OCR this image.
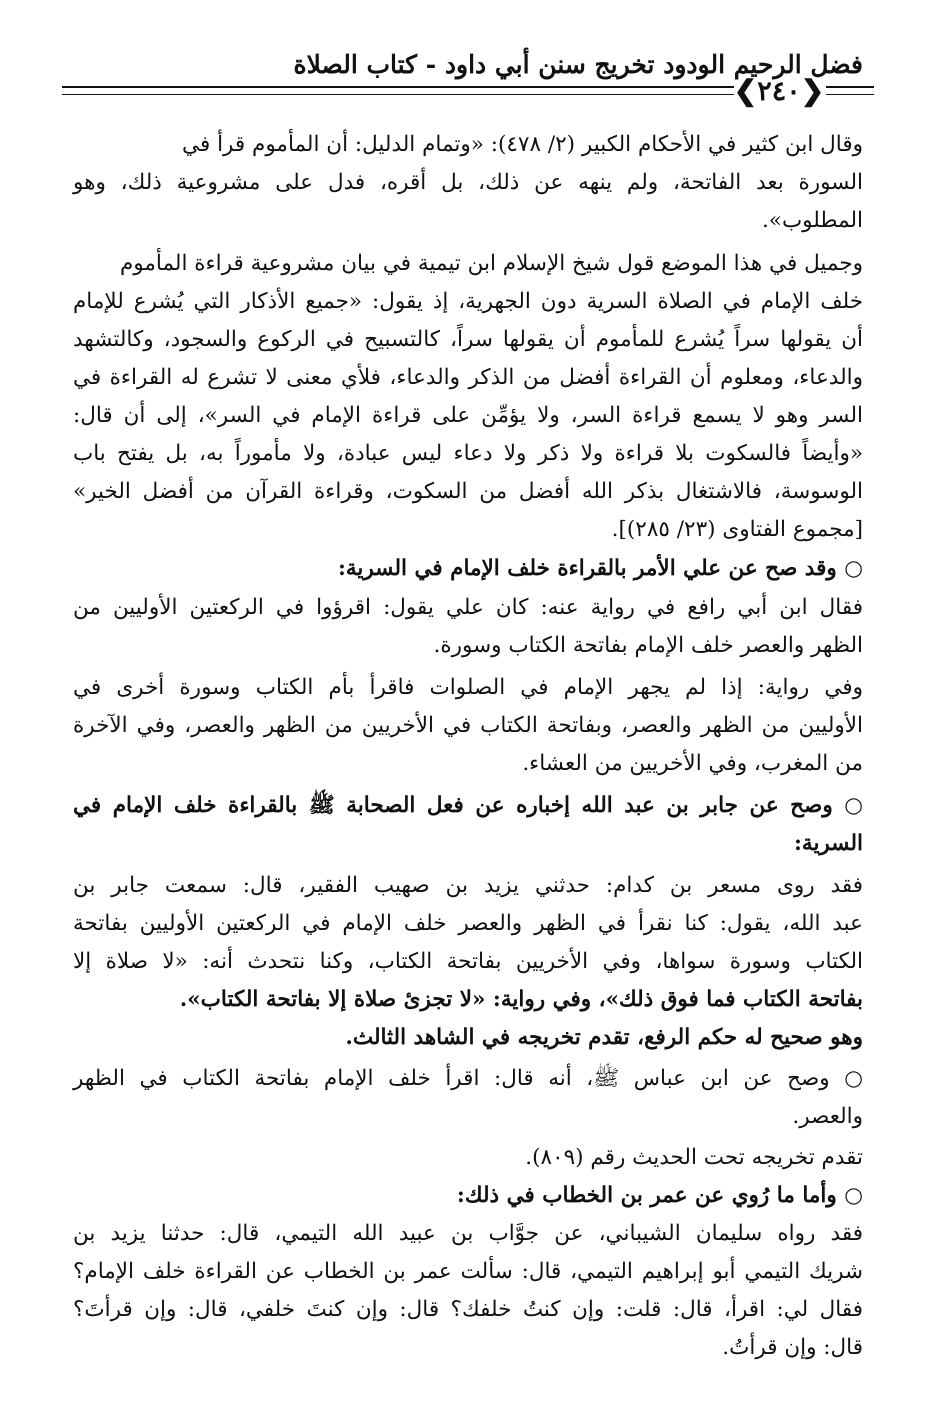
فضل الرحيم الودود تخريج سنن أبي داود - كتاب الصلاة
❮
٢٤٠
❯
وقال ابن كثير في الأحكام الكبير (٢/ ٤٧٨): «وتمام الدليل: أن المأموم قرأ في
السورة بعد الفاتحة، ولم ينهه عن ذلك، بل أقره، فدل على مشروعية ذلك، وهو
المطلوب».
وجميل في هذا الموضع قول شيخ الإسلام ابن تيمية في بيان مشروعية قراءة المأموم
خلف الإمام في الصلاة السرية دون الجهرية، إذ يقول: «جميع الأذكار التي يُشرع للإمام
أن يقولها سراً يُشرع للمأموم أن يقولها سراً، كالتسبيح في الركوع والسجود، وكالتشهد
والدعاء، ومعلوم أن القراءة أفضل من الذكر والدعاء، فلأي معنى لا تشرع له القراءة في
السر وهو لا يسمع قراءة السر، ولا يؤمِّن على قراءة الإمام في السر»، إلى أن قال:
«وأيضاً فالسكوت بلا قراءة ولا ذكر ولا دعاء ليس عبادة، ولا مأموراً به، بل يفتح باب
الوسوسة، فالاشتغال بذكر الله أفضل من السكوت، وقراءة القرآن من أفضل الخير»
[مجموع الفتاوى (٢٣/ ٢٨٥)].
○ وقد صح عن علي الأمر بالقراءة خلف الإمام في السرية:
فقال ابن أبي رافع في رواية عنه: كان علي يقول: اقرؤوا في الركعتين الأوليين من
الظهر والعصر خلف الإمام بفاتحة الكتاب وسورة.
وفي رواية: إذا لم يجهر الإمام في الصلوات فاقرأ بأم الكتاب وسورة أخرى في
الأوليين من الظهر والعصر، وبفاتحة الكتاب في الأخريين من الظهر والعصر، وفي الآخرة
من المغرب، وفي الأخريين من العشاء.
○ وصح عن جابر بن عبد الله إخباره عن فعل الصحابة ﷺ بالقراءة خلف الإمام في
السرية:
فقد روى مسعر بن كدام: حدثني يزيد بن صهيب الفقير، قال: سمعت جابر بن
عبد الله، يقول: كنا نقرأ في الظهر والعصر خلف الإمام في الركعتين الأوليين بفاتحة
الكتاب وسورة سواها، وفي الأخريين بفاتحة الكتاب، وكنا نتحدث أنه: «لا صلاة إلا
بفاتحة الكتاب فما فوق ذلك»، وفي رواية: «لا تجزئ صلاة إلا بفاتحة الكتاب».
وهو صحيح له حكم الرفع، تقدم تخريجه في الشاهد الثالث.
○ وصح عن ابن عباس ﷺ، أنه قال: اقرأ خلف الإمام بفاتحة الكتاب في الظهر
والعصر.
تقدم تخريجه تحت الحديث رقم (٨٠٩).
○ وأما ما رُوي عن عمر بن الخطاب في ذلك:
فقد رواه سليمان الشيباني، عن جوَّاب بن عبيد الله التيمي، قال: حدثنا يزيد بن
شريك التيمي أبو إبراهيم التيمي، قال: سألت عمر بن الخطاب عن القراءة خلف الإمام؟
فقال لي: اقرأ، قال: قلت: وإن كنتُ خلفك؟ قال: وإن كنتَ خلفي، قال: وإن قرأتَ؟
قال: وإن قرأتُ.
